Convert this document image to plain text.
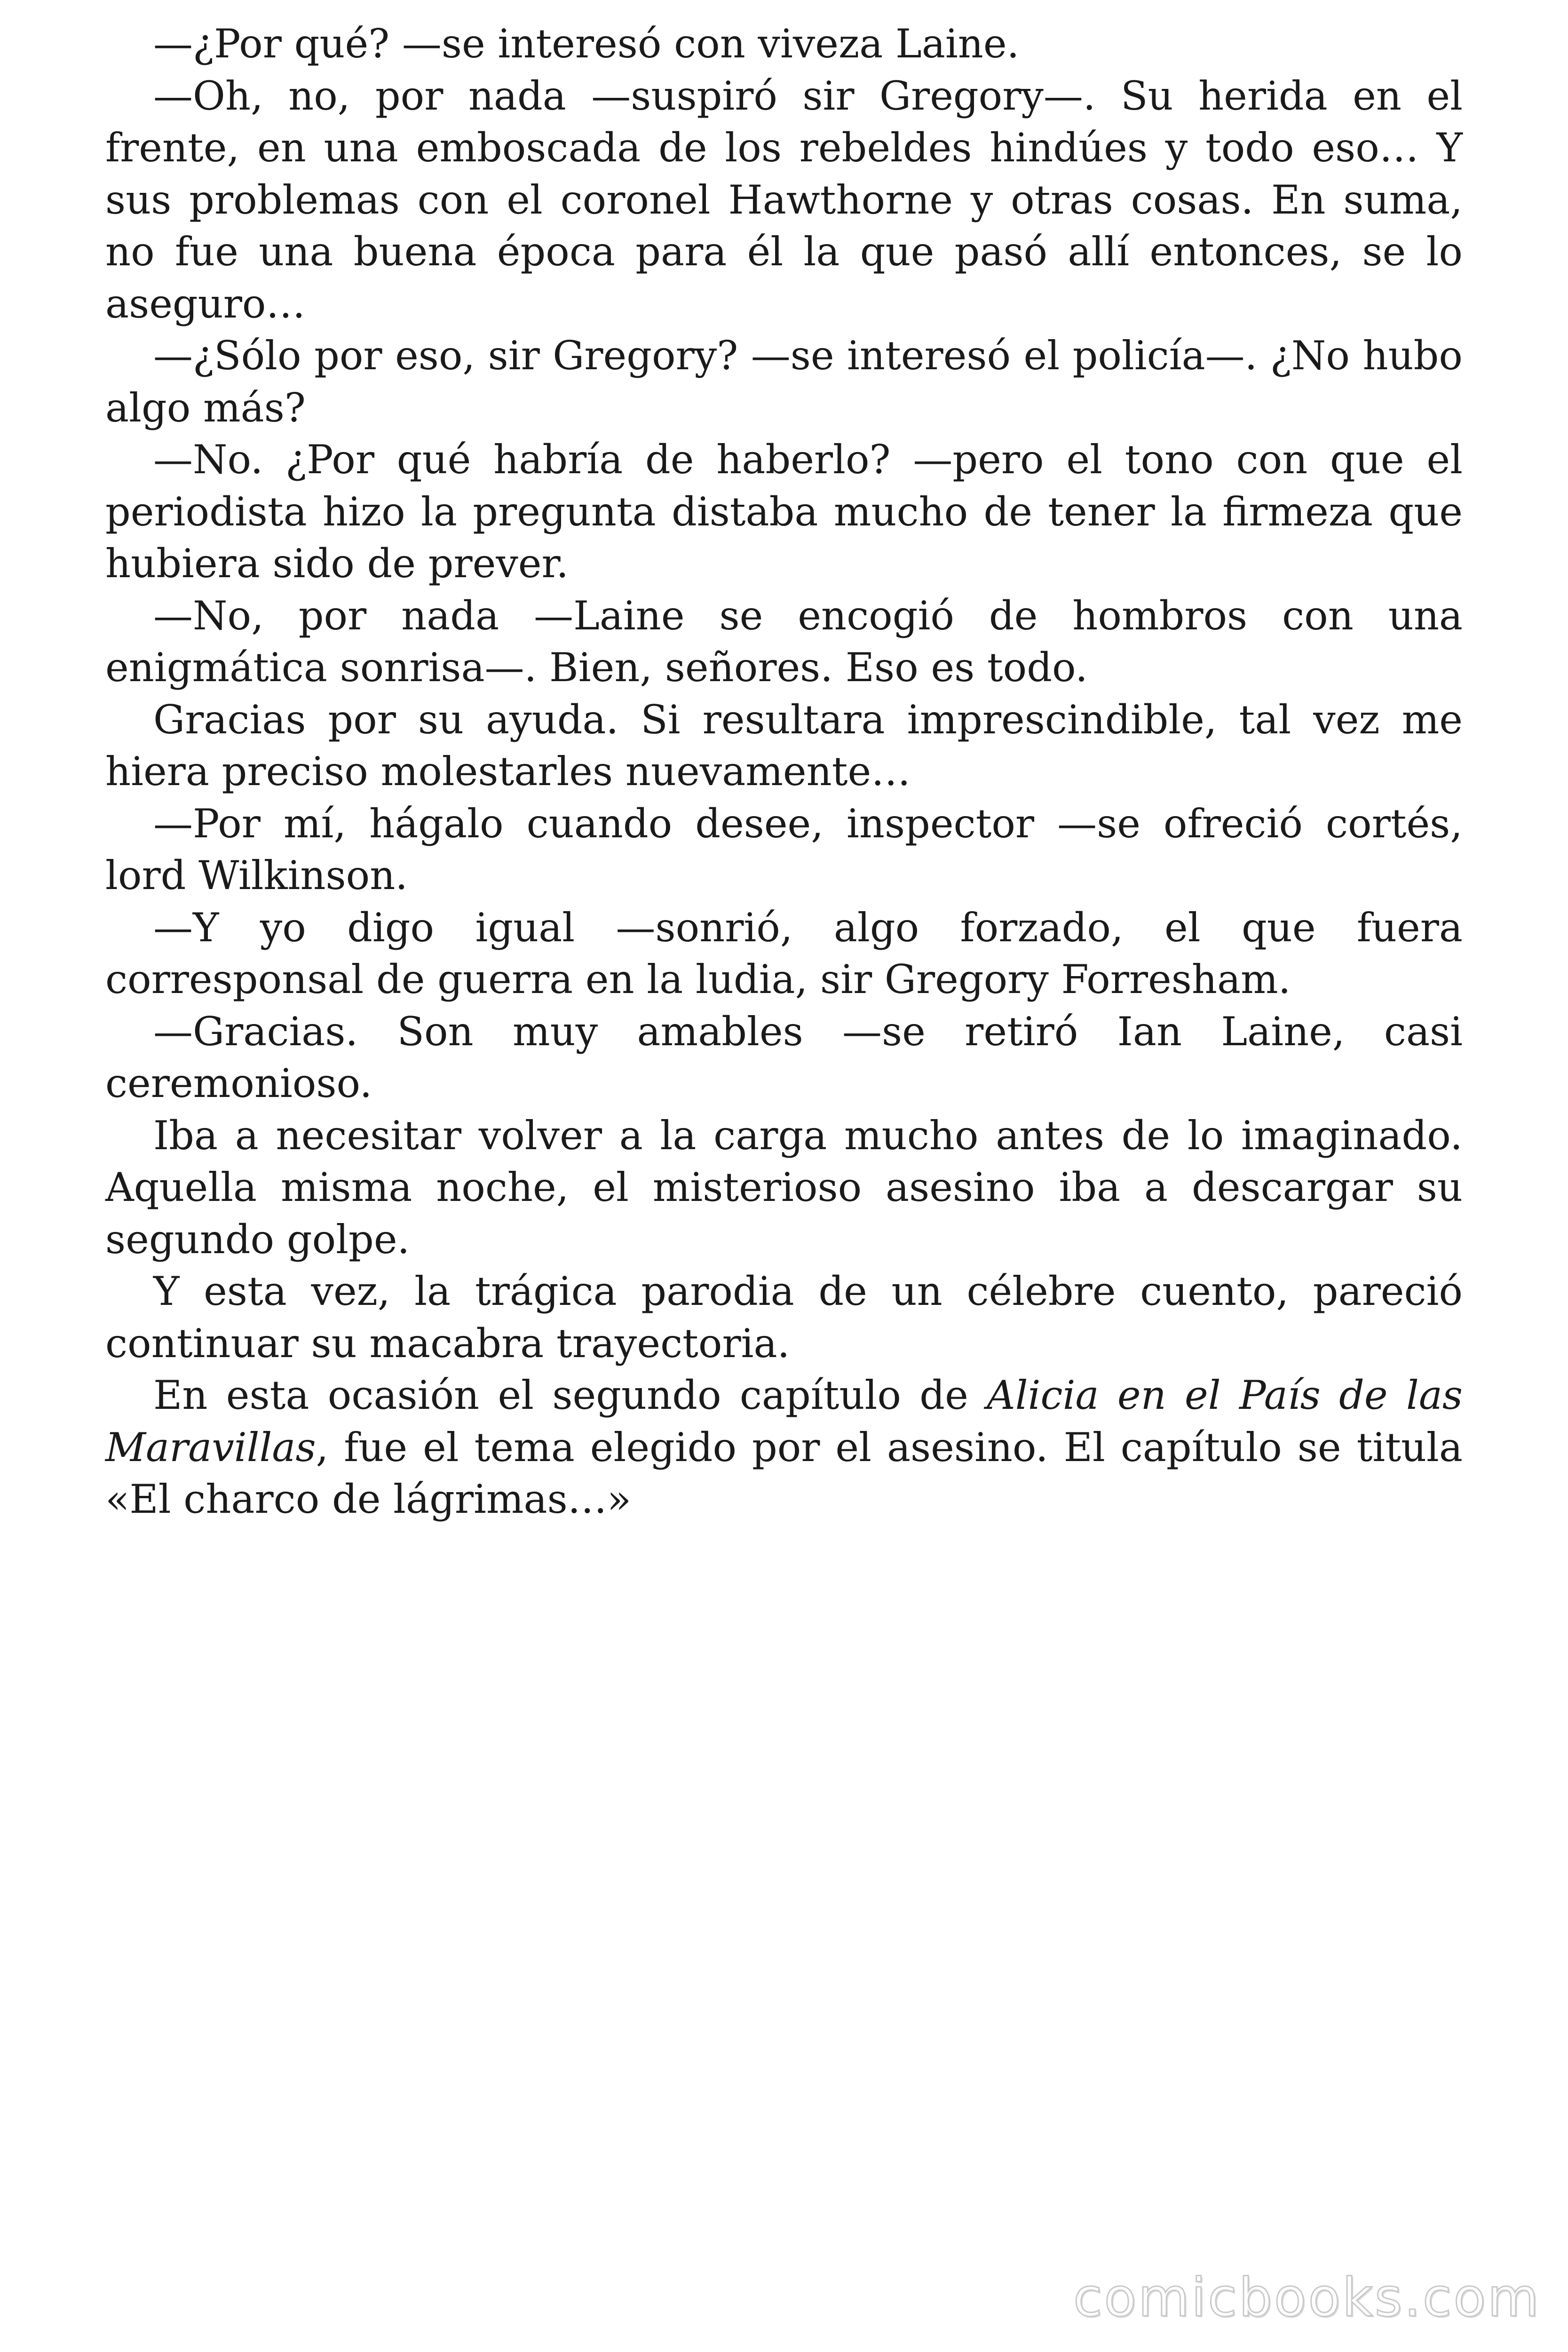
—¿Por qué? —se interesó con viveza Laine.

—Oh, no, por nada —suspiró sir Gregory—. Su herida en el frente, en una emboscada de los rebeldes hindúes y todo eso… Y sus problemas con el coronel Hawthorne y otras cosas. En suma, no fue una buena época para él la que pasó allí entonces, se lo aseguro…

—¿Sólo por eso, sir Gregory? —se interesó el policía—. ¿No hubo algo más?

—No. ¿Por qué habría de haberlo? —pero el tono con que el periodista hizo la pregunta distaba mucho de tener la firmeza que hubiera sido de prever.

—No, por nada —Laine se encogió de hombros con una enigmática sonrisa—. Bien, señores. Eso es todo.

Gracias por su ayuda. Si resultara imprescindible, tal vez me hiera preciso molestarles nuevamente…

—Por mí, hágalo cuando desee, inspector —se ofreció cortés, lord Wilkinson.

—Y yo digo igual —sonrió, algo forzado, el que fuera corresponsal de guerra en la ludia, sir Gregory Forresham.

—Gracias. Son muy amables —se retiró Ian Laine, casi ceremonioso.

Iba a necesitar volver a la carga mucho antes de lo imaginado. Aquella misma noche, el misterioso asesino iba a descargar su segundo golpe.

Y esta vez, la trágica parodia de un célebre cuento, pareció continuar su macabra trayectoria.

En esta ocasión el segundo capítulo de Alicia en el País de las Maravillas, fue el tema elegido por el asesino. El capítulo se titula «El charco de lágrimas…»

comicbooks.com
